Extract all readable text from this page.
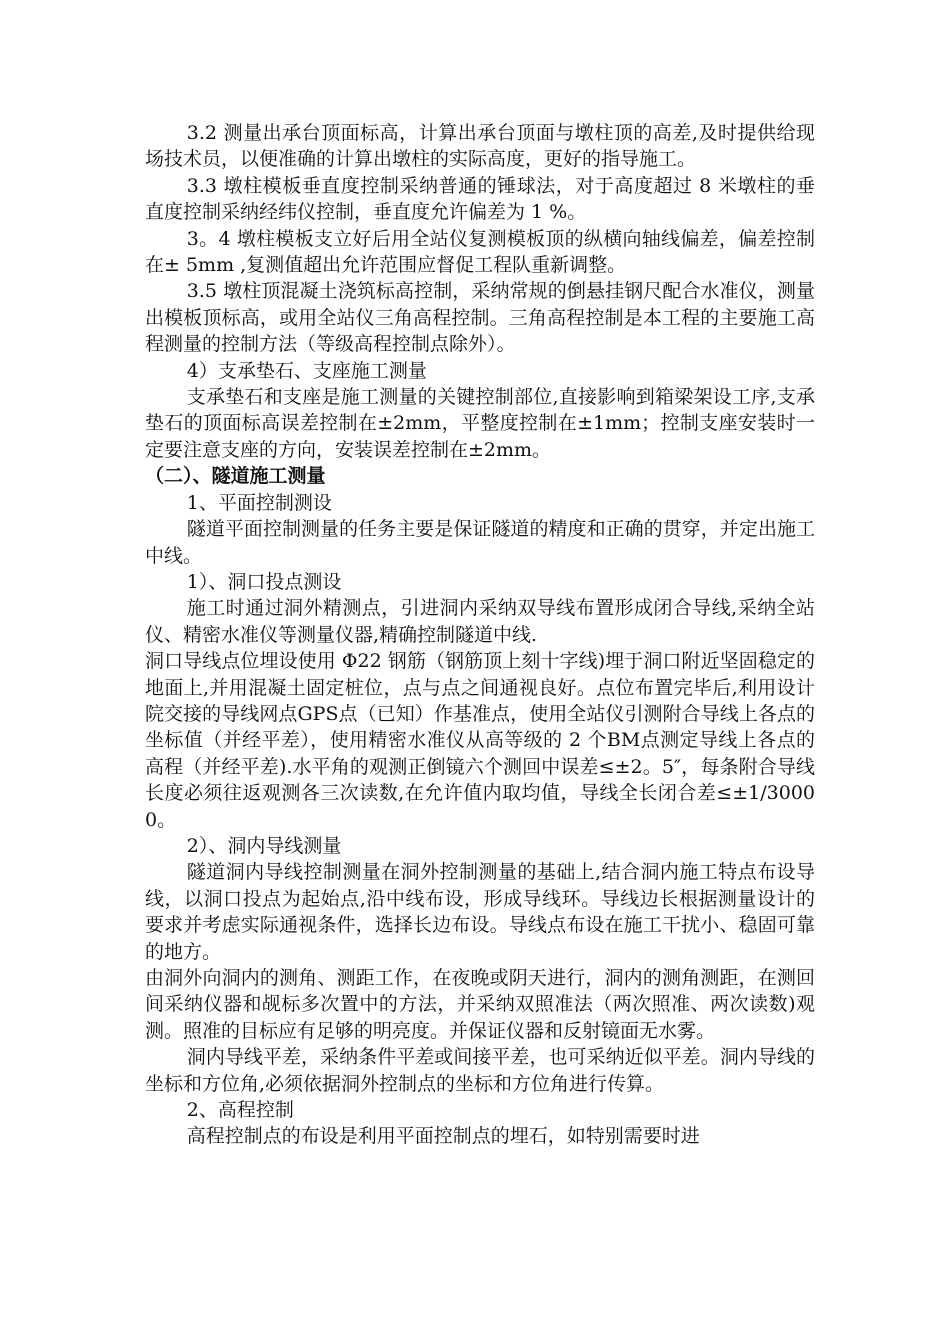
3.2 测量出承台顶面标高，计算出承台顶面与墩柱顶的高差,及时提供给现场技术员，以便准确的计算出墩柱的实际高度，更好的指导施工。

3.3 墩柱模板垂直度控制采纳普通的锤球法，对于高度超过 8 米墩柱的垂直度控制采纳经纬仪控制，垂直度允许偏差为 1 %。

3。4 墩柱模板支立好后用全站仪复测模板顶的纵横向轴线偏差，偏差控制在± 5mm ,复测值超出允许范围应督促工程队重新调整。

3.5 墩柱顶混凝土浇筑标高控制，采纳常规的倒悬挂钢尺配合水准仪，测量出模板顶标高，或用全站仪三角高程控制。三角高程控制是本工程的主要施工高程测量的控制方法（等级高程控制点除外）。

4）支承垫石、支座施工测量

支承垫石和支座是施工测量的关键控制部位,直接影响到箱梁架设工序,支承垫石的顶面标高误差控制在±2mm，平整度控制在±1mm；控制支座安装时一定要注意支座的方向，安装误差控制在±2mm。

（二）、隧道施工测量

1、平面控制测设

隧道平面控制测量的任务主要是保证隧道的精度和正确的贯穿，并定出施工中线。

1）、洞口投点测设

施工时通过洞外精测点，引进洞内采纳双导线布置形成闭合导线,采纳全站仪、精密水准仪等测量仪器,精确控制隧道中线.

洞口导线点位埋设使用 Φ22 钢筋（钢筋顶上刻十字线)埋于洞口附近坚固稳定的地面上,并用混凝土固定桩位，点与点之间通视良好。点位布置完毕后,利用设计院交接的导线网点GPS点（已知）作基准点，使用全站仪引测附合导线上各点的坐标值（并经平差），使用精密水准仪从高等级的 2 个BM点测定导线上各点的高程（并经平差).水平角的观测正倒镜六个测回中误差≤±2。5″，每条附合导线长度必须往返观测各三次读数,在允许值内取均值，导线全长闭合差≤±1/30000。

2）、洞内导线测量

隧道洞内导线控制测量在洞外控制测量的基础上,结合洞内施工特点布设导线，以洞口投点为起始点,沿中线布设，形成导线环。导线边长根据测量设计的要求并考虑实际通视条件，选择长边布设。导线点布设在施工干扰小、稳固可靠的地方。

由洞外向洞内的测角、测距工作，在夜晚或阴天进行，洞内的测角测距，在测回间采纳仪器和觇标多次置中的方法，并采纳双照准法（两次照准、两次读数)观测。照准的目标应有足够的明亮度。并保证仪器和反射镜面无水雾。

洞内导线平差，采纳条件平差或间接平差，也可采纳近似平差。洞内导线的坐标和方位角,必须依据洞外控制点的坐标和方位角进行传算。

2、高程控制

高程控制点的布设是利用平面控制点的埋石，如特别需要时进
